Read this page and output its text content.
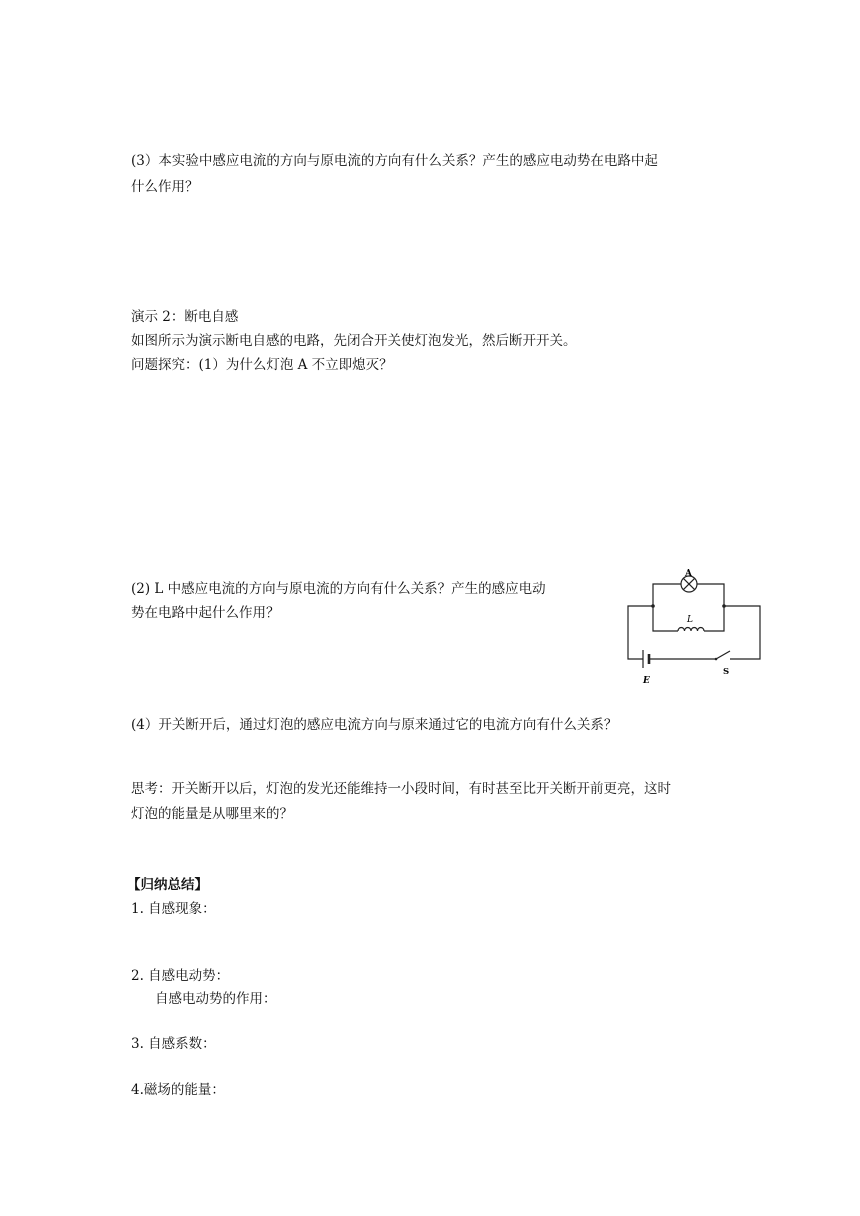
(3）本实验中感应电流的方向与原电流的方向有什么关系？产生的感应电动势在电路中起
什么作用？
演示 2：断电自感
如图所示为演示断电自感的电路，先闭合开关使灯泡发光，然后断开开关。
问题探究：(1）为什么灯泡 A 不立即熄灭？
(2) L 中感应电流的方向与原电流的方向有什么关系？产生的感应电动
势在电路中起什么作用？
A
L
S
E
(4）开关断开后，通过灯泡的感应电流方向与原来通过它的电流方向有什么关系？
思考：开关断开以后，灯泡的发光还能维持一小段时间，有时甚至比开关断开前更亮，这时
灯泡的能量是从哪里来的？
【归纳总结】
1. 自感现象：
2. 自感电动势：
自感电动势的作用：
3. 自感系数：
4.磁场的能量：
